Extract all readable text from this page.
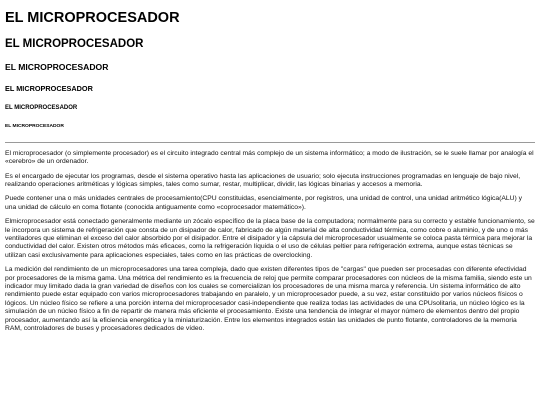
EL MICROPROCESADOR
EL MICROPROCESADOR
EL MICROPROCESADOR
EL MICROPROCESADOR
EL MICROPROCESADOR
EL MICROPROCESADOR

El microprocesador (o simplemente procesador) es el circuito integrado central más complejo de un sistema informático; a modo de ilustración, se le suele llamar por analogía el «cerebro» de un ordenador.

Es el encargado de ejecutar los programas, desde el sistema operativo hasta las aplicaciones de usuario; solo ejecuta instrucciones programadas en lenguaje de bajo nivel, realizando operaciones aritméticas y lógicas simples, tales como sumar, restar, multiplicar, dividir, las lógicas binarias y accesos a memoria.

Puede contener una o más unidades centrales de procesamiento(CPU constituidas, esencialmente, por registros, una unidad de control, una unidad aritmético lógica(ALU) y una unidad de cálculo en coma flotante (conocida antiguamente como «coprocesador matemático»).

Elmicroprocesador está conectado generalmente mediante un zócalo específico de la placa base de la computadora; normalmente para su correcto y estable funcionamiento, se le incorpora un sistema de refrigeración que consta de un disipador de calor, fabricado de algún material de alta conductividad térmica, como cobre o aluminio, y de uno o más ventiladores que eliminan el exceso del calor absorbido por el disipador. Entre el disipador y la cápsula del microprocesador usualmente se coloca pasta térmica para mejorar la conductividad del calor. Existen otros métodos más eficaces, como la refrigeración líquida o el uso de células peltier para refrigeración extrema, aunque estas técnicas se utilizan casi exclusivamente para aplicaciones especiales, tales como en las prácticas de overclocking.

La medición del rendimiento de un microprocesadores una tarea compleja, dado que existen diferentes tipos de "cargas" que pueden ser procesadas con diferente efectividad por procesadores de la misma gama. Una métrica del rendimiento es la frecuencia de reloj que permite comparar procesadores con núcleos de la misma familia, siendo este un indicador muy limitado dada la gran variedad de diseños con los cuales se comercializan los procesadores de una misma marca y referencia. Un sistema informático de alto rendimiento puede estar equipado con varios microprocesadores trabajando en paralelo, y un microprocesador puede, a su vez, estar constituido por varios núcleos físicos o lógicos. Un núcleo físico se refiere a una porción interna del microprocesador casi-independiente que realiza todas las actividades de una CPUsolitaria, un núcleo lógico es la simulación de un núcleo físico a fin de repartir de manera más eficiente el procesamiento. Existe una tendencia de integrar el mayor número de elementos dentro del propio procesador, aumentando así la eficiencia energética y la miniaturización. Entre los elementos integrados están las unidades de punto flotante, controladores de la memoria RAM, controladores de buses y procesadores dedicados de vídeo.
